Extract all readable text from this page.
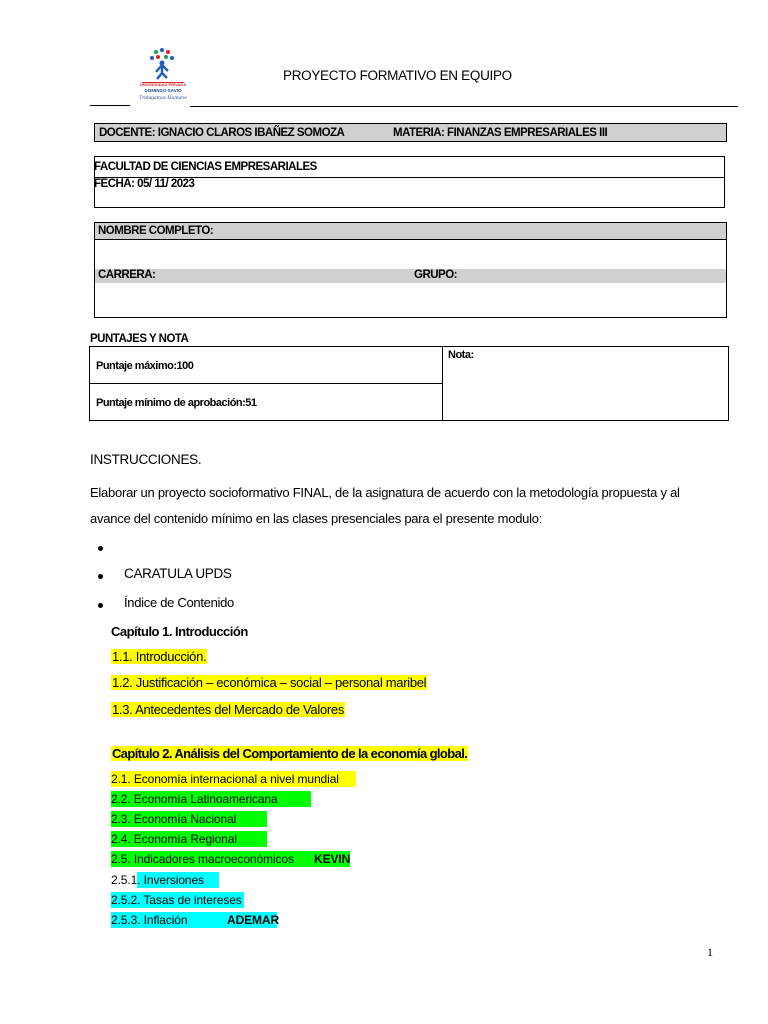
UNIVERSIDAD PRIVADA
DOMINGO SAVIO
Trabajamos Humano
PROYECTO FORMATIVO EN EQUIPO
DOCENTE: IGNACIO CLAROS IBAÑEZ SOMOZA	MATERIA: FINANZAS EMPRESARIALES III
FACULTAD DE CIENCIAS EMPRESARIALES
FECHA: 05/ 11/ 2023
NOMBRE COMPLETO:
CARRERA:	GRUPO:
PUNTAJES Y NOTA
Puntaje máximo:100
Puntaje mínimo de aprobación:51
Nota:
INSTRUCCIONES.
Elaborar un proyecto socioformativo FINAL, de la asignatura de acuerdo con la metodología propuesta y al
avance del contenido mínimo en las clases presenciales para el presente modulo:
CARATULA UPDS
Índice de Contenido
Capítulo 1. Introducción
1.1. Introducción.
1.2. Justificación – económica – social – personal maribel
1.3. Antecedentes del Mercado de Valores
Capítulo 2. Análisis del Comportamiento de la economía global.
2.1. Economía internacional a nivel mundial
2.2. Economía Latinoamericana
2.3. Economía Nacional
2.4. Economía Regional
2.5. Indicadores macroeconómicos KEVIN
2.5.1. Inversiones
2.5.2. Tasas de intereses
2.5.3. Inflación	ADEMAR
1
